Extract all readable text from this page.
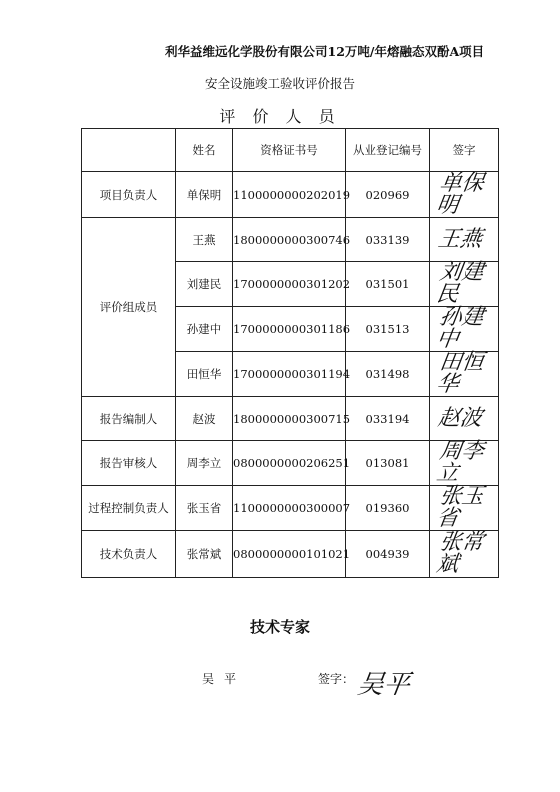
利华益维远化学股份有限公司12万吨/年熔融态双酚A项目
安全设施竣工验收评价报告
评 价 人 员
	姓名	资格证书号	从业登记编号	签字
项目负责人	单保明	1100000000202019	020969	单保明
评价组成员	王燕	1800000000300746	033139	王燕
	刘建民	1700000000301202	031501	刘建民
	孙建中	1700000000301186	031513	孙建中
	田恒华	1700000000301194	031498	田恒华
报告编制人	赵波	1800000000300715	033194	赵波
报告审核人	周李立	0800000000206251	013081	周李立
过程控制负责人	张玉省	1100000000300007	019360	张玉省
技术负责人	张常斌	0800000000101021	004939	张常斌
技术专家
吴平	签字： 吴平
